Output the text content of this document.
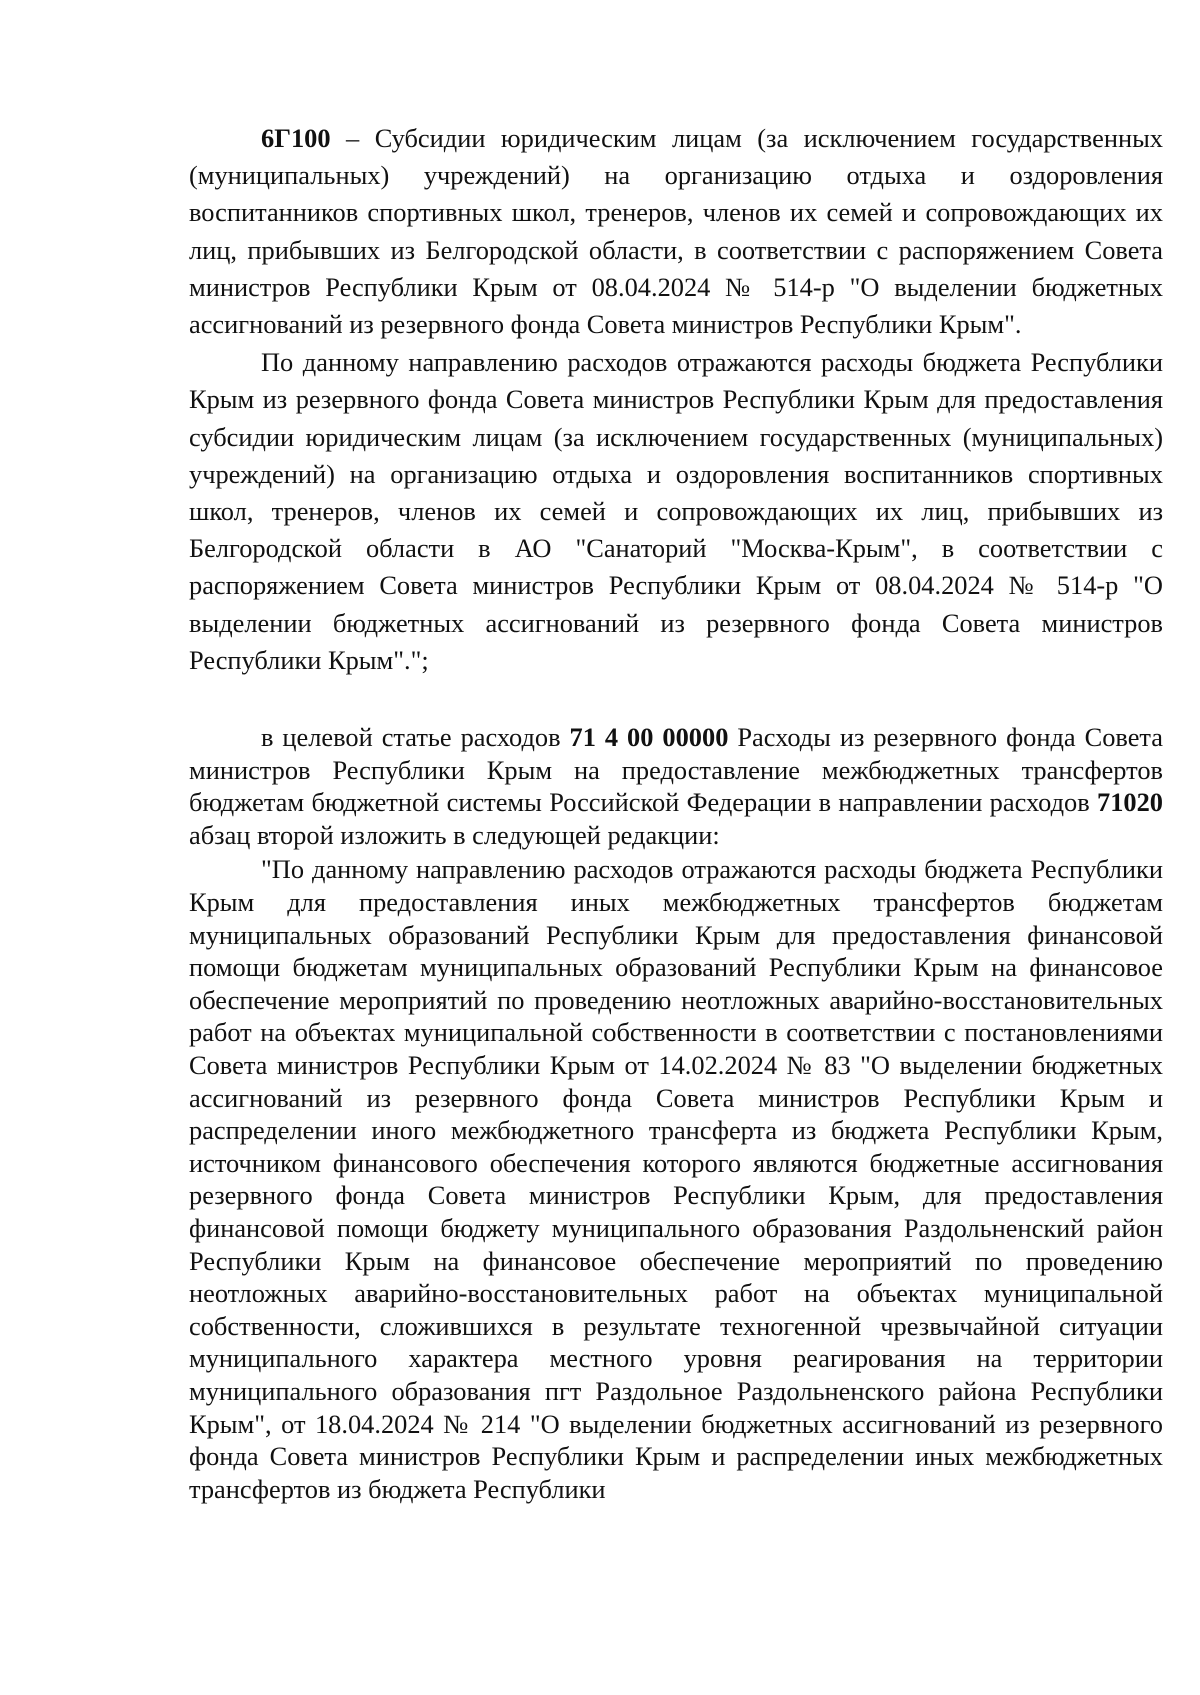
6Г100 – Субсидии юридическим лицам (за исключением государственных (муниципальных) учреждений) на организацию отдыха и оздоровления воспитанников спортивных школ, тренеров, членов их семей и сопровождающих их лиц, прибывших из Белгородской области, в соответствии с распоряжением Совета министров Республики Крым от 08.04.2024 № 514-р "О выделении бюджетных ассигнований из резервного фонда Совета министров Республики Крым".

По данному направлению расходов отражаются расходы бюджета Республики Крым из резервного фонда Совета министров Республики Крым для предоставления субсидии юридическим лицам (за исключением государственных (муниципальных) учреждений) на организацию отдыха и оздоровления воспитанников спортивных школ, тренеров, членов их семей и сопровождающих их лиц, прибывших из Белгородской области в АО "Санаторий "Москва-Крым", в соответствии с распоряжением Совета министров Республики Крым от 08.04.2024 № 514-р "О выделении бюджетных ассигнований из резервного фонда Совета министров Республики Крым".";

в целевой статье расходов 71 4 00 00000 Расходы из резервного фонда Совета министров Республики Крым на предоставление межбюджетных трансфертов бюджетам бюджетной системы Российской Федерации в направлении расходов 71020 абзац второй изложить в следующей редакции:

"По данному направлению расходов отражаются расходы бюджета Республики Крым для предоставления иных межбюджетных трансфертов бюджетам муниципальных образований Республики Крым для предоставления финансовой помощи бюджетам муниципальных образований Республики Крым на финансовое обеспечение мероприятий по проведению неотложных аварийно-восстановительных работ на объектах муниципальной собственности в соответствии с постановлениями Совета министров Республики Крым от 14.02.2024 № 83 "О выделении бюджетных ассигнований из резервного фонда Совета министров Республики Крым и распределении иного межбюджетного трансферта из бюджета Республики Крым, источником финансового обеспечения которого являются бюджетные ассигнования резервного фонда Совета министров Республики Крым, для предоставления финансовой помощи бюджету муниципального образования Раздольненский район Республики Крым на финансовое обеспечение мероприятий по проведению неотложных аварийно-восстановительных работ на объектах муниципальной собственности, сложившихся в результате техногенной чрезвычайной ситуации муниципального характера местного уровня реагирования на территории муниципального образования пгт Раздольное Раздольненского района Республики Крым", от 18.04.2024 № 214 "О выделении бюджетных ассигнований из резервного фонда Совета министров Республики Крым и распределении иных межбюджетных трансфертов из бюджета Республики
